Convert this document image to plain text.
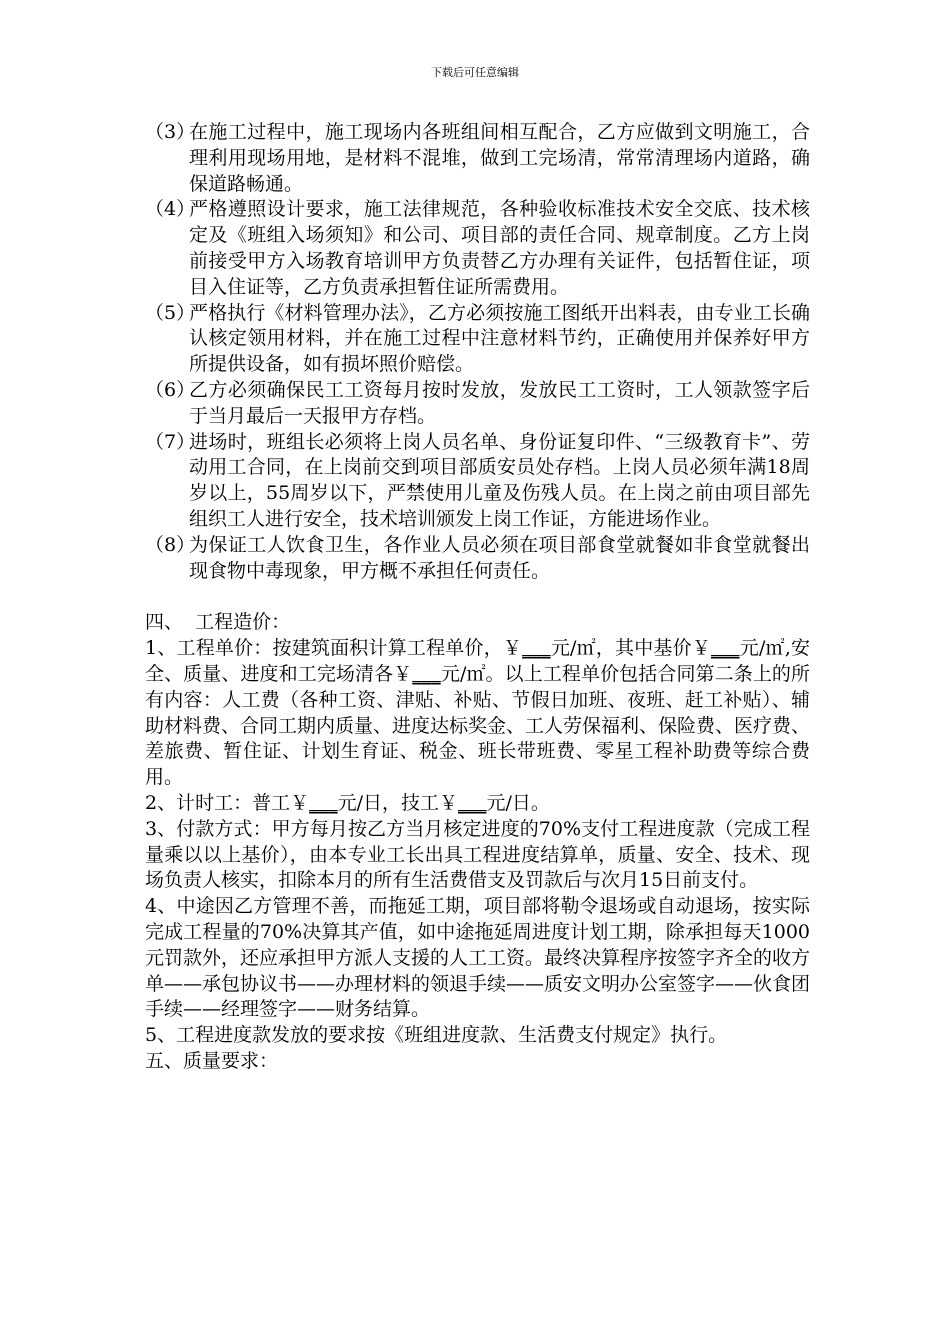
下载后可任意编辑
（3）
在施工过程中，施工现场内各班组间相互配合，乙方应做到文明施工，合理利用现场用地，是材料不混堆，做到工完场清，常常清理场内道路，确保道路畅通。
（4）
严格遵照设计要求，施工法律规范，各种验收标准技术安全交底、技术核定及《班组入场须知》和公司、项目部的责任合同、规章制度。乙方上岗前接受甲方入场教育培训甲方负责替乙方办理有关证件，包括暂住证，项目入住证等，乙方负责承担暂住证所需费用。
（5）
严格执行《材料管理办法》，乙方必须按施工图纸开出料表，由专业工长确认核定领用材料，并在施工过程中注意材料节约，正确使用并保养好甲方所提供设备，如有损坏照价赔偿。
（6）
乙方必须确保民工工资每月按时发放，发放民工工资时，工人领款签字后于当月最后一天报甲方存档。
（7）
进场时，班组长必须将上岗人员名单、身份证复印件、“三级教育卡”、劳动用工合同，在上岗前交到项目部质安员处存档。上岗人员必须年满18周岁以上，55周岁以下，严禁使用儿童及伤残人员。在上岗之前由项目部先组织工人进行安全，技术培训颁发上岗工作证，方能进场作业。
（8）
为保证工人饮食卫生，各作业人员必须在项目部食堂就餐如非食堂就餐出现食物中毒现象，甲方概不承担任何责任。
四、  工程造价：
1、工程单价：按建筑面积计算工程单价，￥___元/㎡，其中基价￥___元/㎡,安全、质量、进度和工完场清各￥___元/㎡。以上工程单价包括合同第二条上的所有内容：人工费（各种工资、津贴、补贴、节假日加班、夜班、赶工补贴）、辅助材料费、合同工期内质量、进度达标奖金、工人劳保福利、保险费、医疗费、差旅费、暂住证、计划生育证、税金、班长带班费、零星工程补助费等综合费用。
2、计时工：普工￥___元/日，技工￥___元/日。
3、付款方式：甲方每月按乙方当月核定进度的70%支付工程进度款（完成工程量乘以以上基价），由本专业工长出具工程进度结算单，质量、安全、技术、现场负责人核实，扣除本月的所有生活费借支及罚款后与次月15日前支付。
4、中途因乙方管理不善，而拖延工期，项目部将勒令退场或自动退场，按实际完成工程量的70%决算其产值，如中途拖延周进度计划工期，除承担每天1000元罚款外，还应承担甲方派人支援的人工工资。最终决算程序按签字齐全的收方单——承包协议书——办理材料的领退手续——质安文明办公室签字——伙食团手续——经理签字——财务结算。
5、工程进度款发放的要求按《班组进度款、生活费支付规定》执行。
五、质量要求：
